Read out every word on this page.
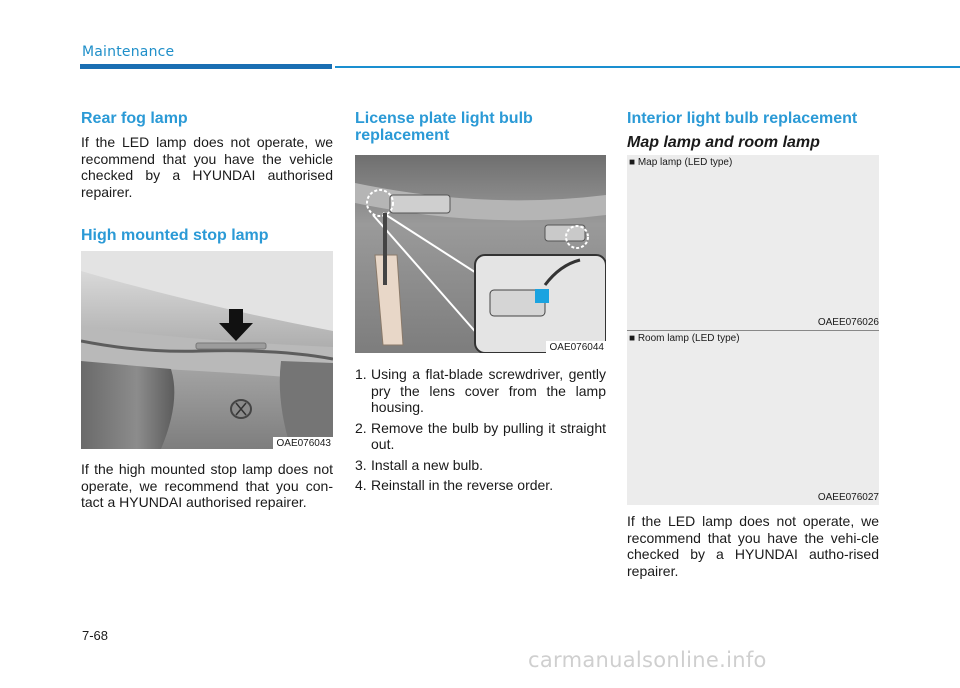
Maintenance
Rear fog lamp

If the LED lamp does not operate, we recommend that you have the vehicle checked by a HYUNDAI authorised repairer.

High mounted stop lamp
OAE076043

If the high mounted stop lamp does not operate, we recommend that you con-tact a HYUNDAI authorised repairer.

License plate light bulb
replacement
OAE076044
1. Using a flat-blade screwdriver, gently pry the lens cover from the lamp housing.
2. Remove the bulb by pulling it straight out.
3. Install a new bulb.
4. Reinstall in the reverse order.
Interior light bulb replacement
Map lamp and room lamp
■ Map lamp (LED type)
OAEE076026
■ Room lamp (LED type)
OAEE076027

If the LED lamp does not operate, we recommend that you have the vehi-cle checked by a HYUNDAI autho-rised repairer.

7-68
carmanualsonline.info
